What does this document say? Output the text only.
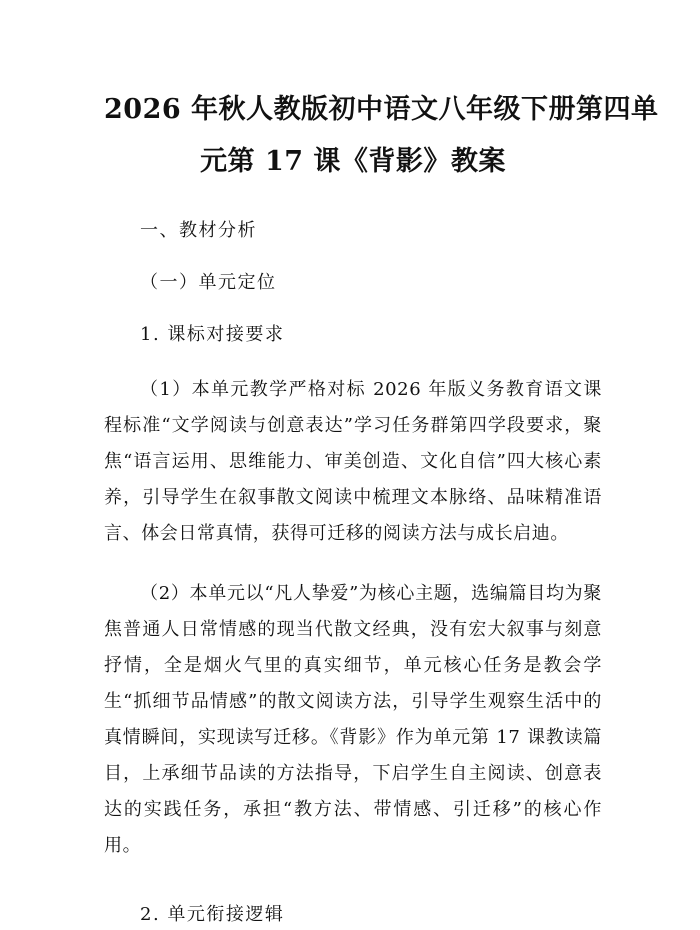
2026 年秋人教版初中语文八年级下册第四单
元第 17 课《背影》教案

一、教材分析

（一）单元定位

1. 课标对接要求

（1）本单元教学严格对标 2026 年版义务教育语文课程标准“文学阅读与创意表达”学习任务群第四学段要求，聚焦“语言运用、思维能力、审美创造、文化自信”四大核心素养，引导学生在叙事散文阅读中梳理文本脉络、品味精准语言、体会日常真情，获得可迁移的阅读方法与成长启迪。

（2）本单元以“凡人挚爱”为核心主题，选编篇目均为聚焦普通人日常情感的现当代散文经典，没有宏大叙事与刻意抒情，全是烟火气里的真实细节，单元核心任务是教会学生“抓细节品情感”的散文阅读方法，引导学生观察生活中的真情瞬间，实现读写迁移。《背影》作为单元第 17 课教读篇目，上承细节品读的方法指导，下启学生自主阅读、创意表达的实践任务，承担“教方法、带情感、引迁移”的核心作用。

2. 单元衔接逻辑
